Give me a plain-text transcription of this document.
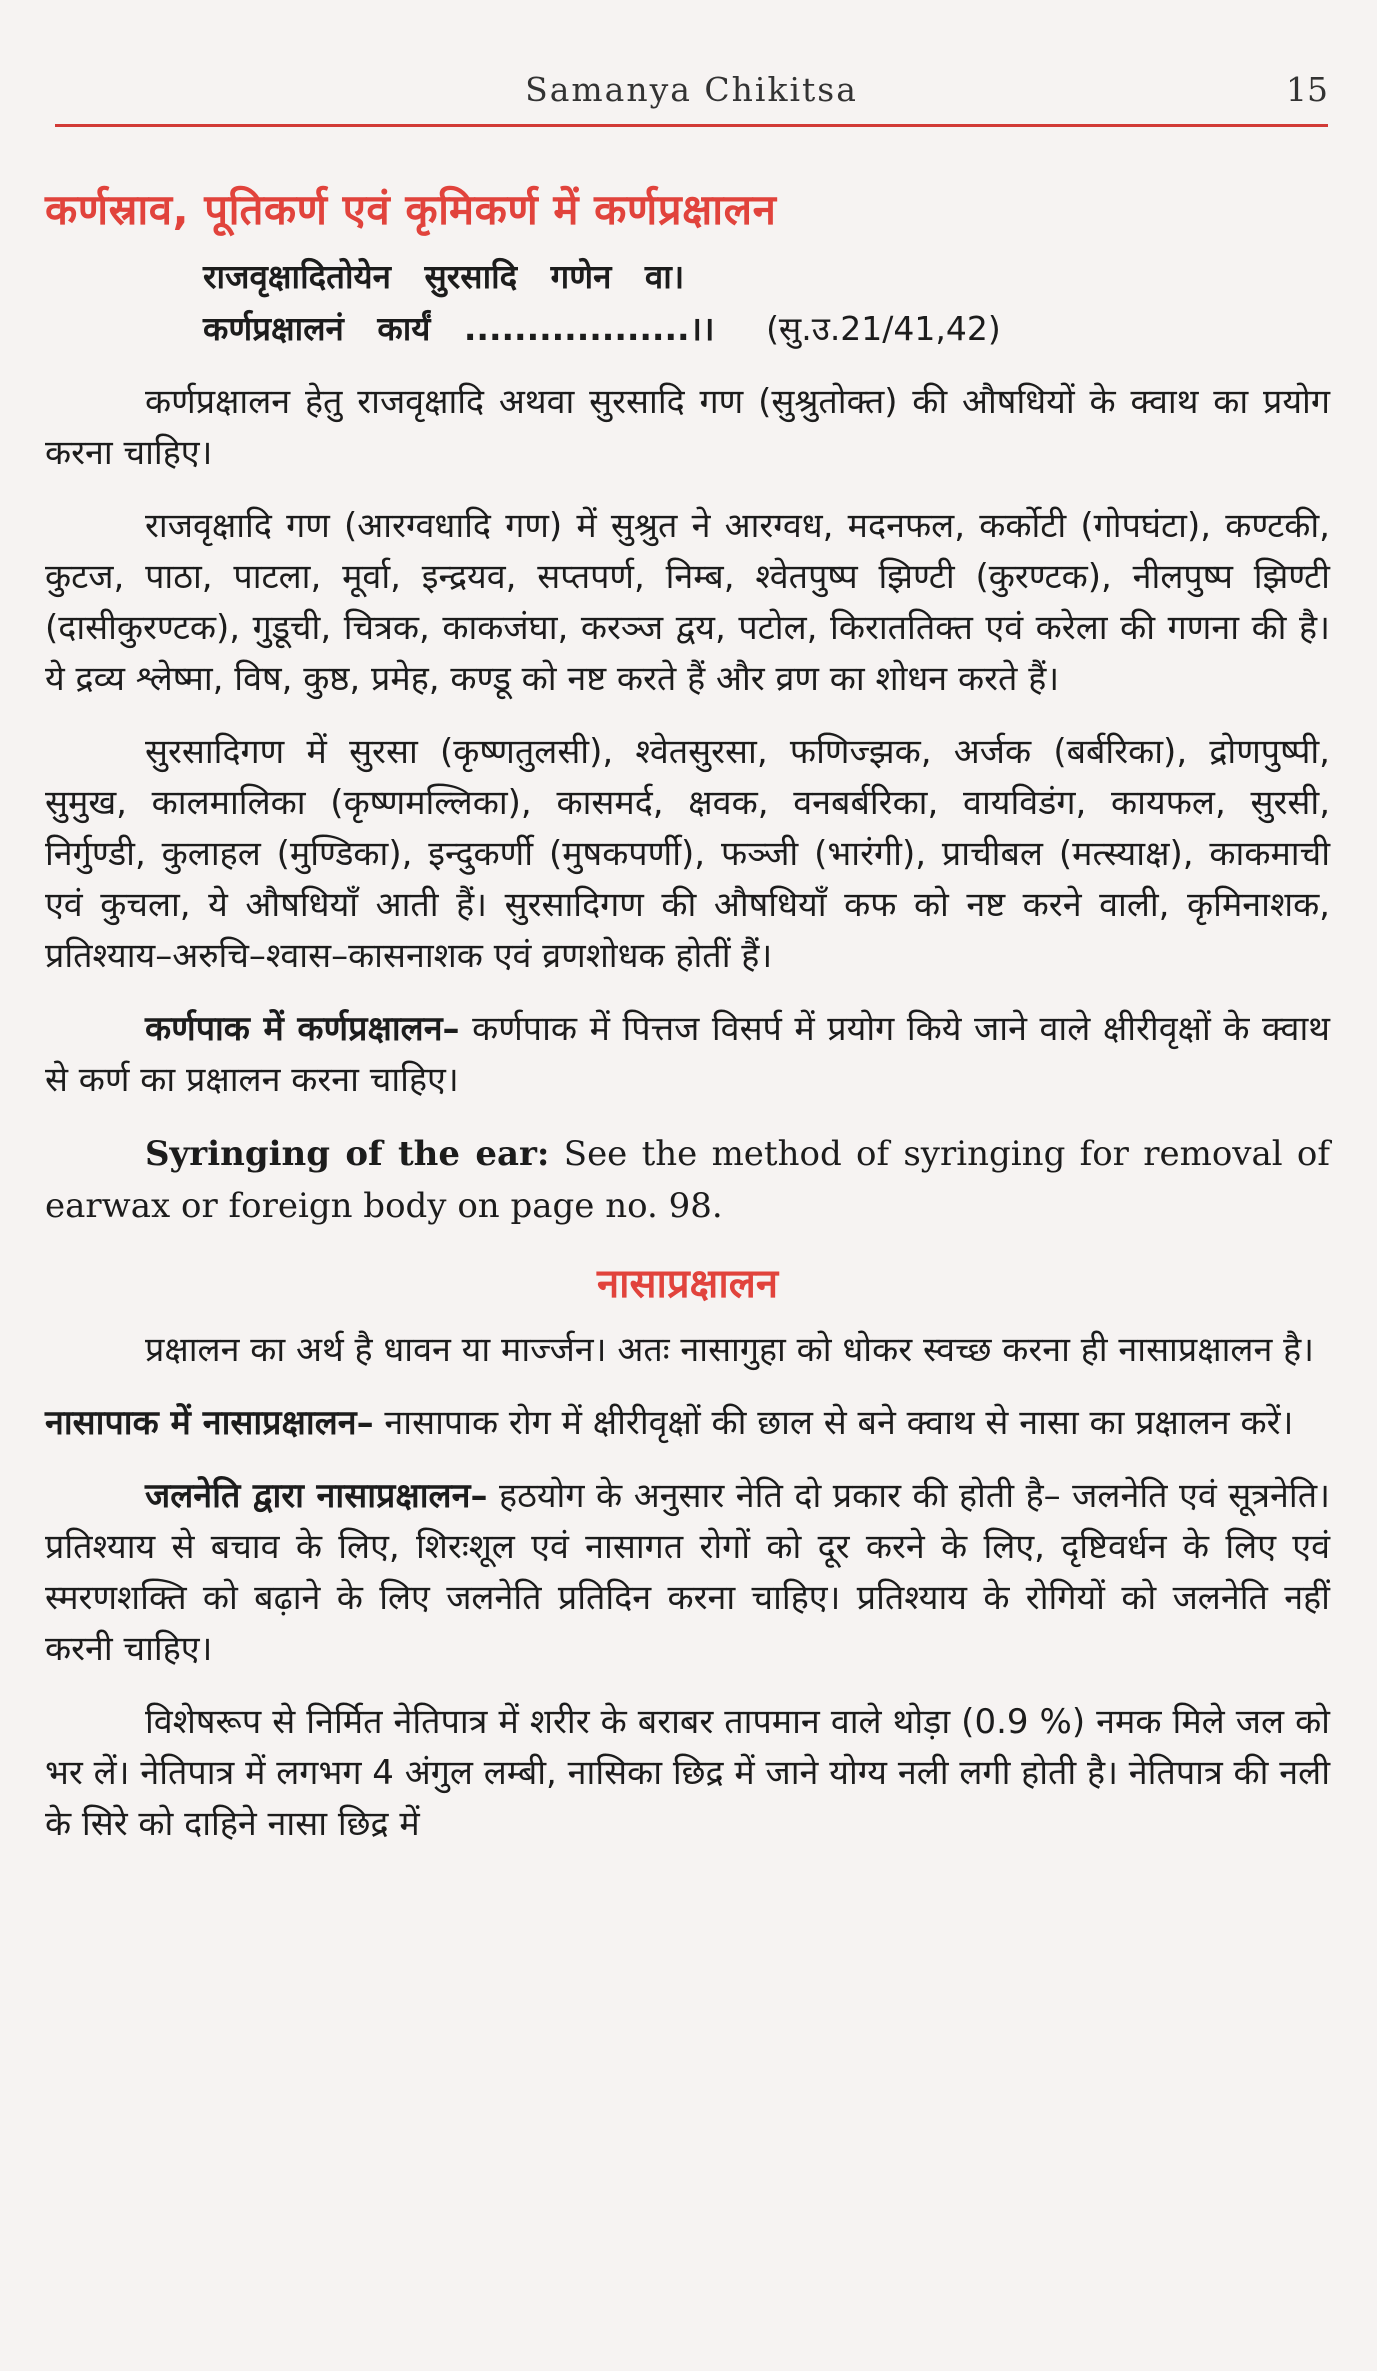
Samanya Chikitsa	15
कर्णस्राव, पूतिकर्ण एवं कृमिकर्ण में कर्णप्रक्षालन
राजवृक्षादितोयेन सुरसादि गणेन वा।
कर्णप्रक्षालनं कार्यं ..................।। (सु.उ.21/41,42)

कर्णप्रक्षालन हेतु राजवृक्षादि अथवा सुरसादि गण (सुश्रुतोक्त) की औषधियों के क्वाथ का प्रयोग करना चाहिए।

राजवृक्षादि गण (आरग्वधादि गण) में सुश्रुत ने आरग्वध, मदनफल, कर्कोटी (गोपघंटा), कण्टकी, कुटज, पाठा, पाटला, मूर्वा, इन्द्रयव, सप्तपर्ण, निम्ब, श्वेतपुष्प झिण्टी (कुरण्टक), नीलपुष्प झिण्टी (दासीकुरण्टक), गुडूची, चित्रक, काकजंघा, करञ्ज द्वय, पटोल, किराततिक्त एवं करेला की गणना की है। ये द्रव्य श्लेष्मा, विष, कुष्ठ, प्रमेह, कण्डू को नष्ट करते हैं और व्रण का शोधन करते हैं।

सुरसादिगण में सुरसा (कृष्णतुलसी), श्वेतसुरसा, फणिज्झक, अर्जक (बर्बरिका), द्रोणपुष्पी, सुमुख, कालमालिका (कृष्णमल्लिका), कासमर्द, क्षवक, वनबर्बरिका, वायविडंग, कायफल, सुरसी, निर्गुण्डी, कुलाहल (मुण्डिका), इन्दुकर्णी (मुषकपर्णी), फञ्जी (भारंगी), प्राचीबल (मत्स्याक्ष), काकमाची एवं कुचला, ये औषधियाँ आती हैं। सुरसादिगण की औषधियाँ कफ को नष्ट करने वाली, कृमिनाशक, प्रतिश्याय–अरुचि–श्वास–कासनाशक एवं व्रणशोधक होतीं हैं।

कर्णपाक में कर्णप्रक्षालन– कर्णपाक में पित्तज विसर्प में प्रयोग किये जाने वाले क्षीरीवृक्षों के क्वाथ से कर्ण का प्रक्षालन करना चाहिए।

Syringing of the ear: See the method of syringing for removal of earwax or foreign body on page no. 98.

नासाप्रक्षालन

प्रक्षालन का अर्थ है धावन या मार्ज्जन। अतः नासागुहा को धोकर स्वच्छ करना ही नासाप्रक्षालन है।

नासापाक में नासाप्रक्षालन– नासापाक रोग में क्षीरीवृक्षों की छाल से बने क्वाथ से नासा का प्रक्षालन करें।

जलनेति द्वारा नासाप्रक्षालन– हठयोग के अनुसार नेति दो प्रकार की होती है– जलनेति एवं सूत्रनेति। प्रतिश्याय से बचाव के लिए, शिरःशूल एवं नासागत रोगों को दूर करने के लिए, दृष्टिवर्धन के लिए एवं स्मरणशक्ति को बढ़ाने के लिए जलनेति प्रतिदिन करना चाहिए। प्रतिश्याय के रोगियों को जलनेति नहीं करनी चाहिए।

विशेषरूप से निर्मित नेतिपात्र में शरीर के बराबर तापमान वाले थोड़ा (0.9 %) नमक मिले जल को भर लें। नेतिपात्र में लगभग 4 अंगुल लम्बी, नासिका छिद्र में जाने योग्य नली लगी होती है। नेतिपात्र की नली के सिरे को दाहिने नासा छिद्र में
